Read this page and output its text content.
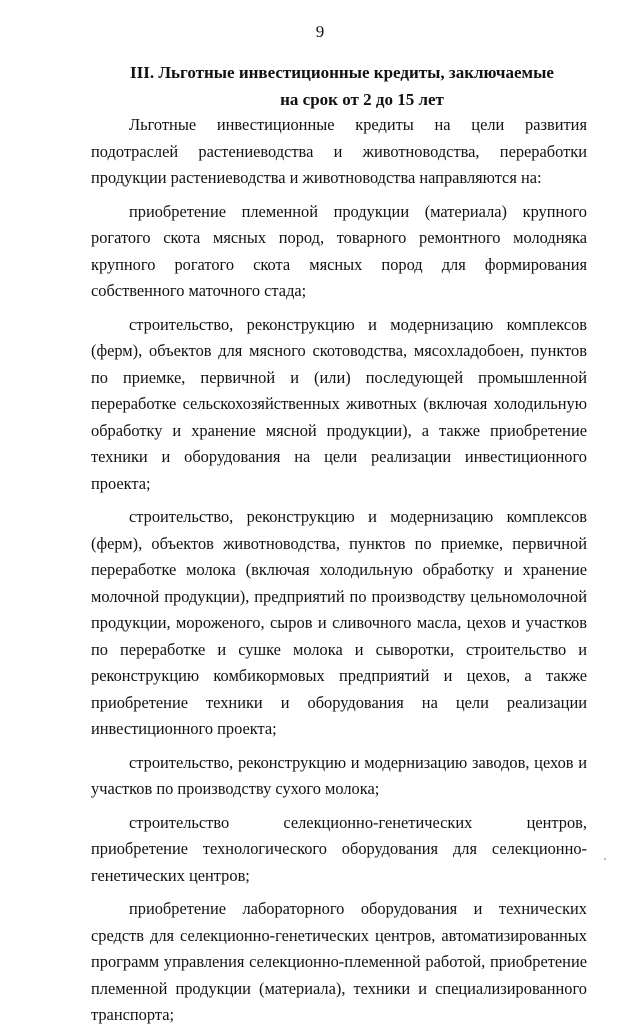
9
III. Льготные инвестиционные кредиты, заключаемые
на срок от 2 до 15 лет

Льготные инвестиционные кредиты на цели развития подотраслей растениеводства и животноводства, переработки продукции растениеводства и животноводства направляются на:

приобретение племенной продукции (материала) крупного рогатого скота мясных пород, товарного ремонтного молодняка крупного рогатого скота мясных пород для формирования собственного маточного стада;

строительство, реконструкцию и модернизацию комплексов (ферм), объектов для мясного скотоводства, мясохладобоен, пунктов по приемке, первичной и (или) последующей промышленной переработке сельскохозяйственных животных (включая холодильную обработку и хранение мясной продукции), а также приобретение техники и оборудования на цели реализации инвестиционного проекта;

строительство, реконструкцию и модернизацию комплексов (ферм), объектов животноводства, пунктов по приемке, первичной переработке молока (включая холодильную обработку и хранение молочной продукции), предприятий по производству цельномолочной продукции, мороженого, сыров и сливочного масла, цехов и участков по переработке и сушке молока и сыворотки, строительство и реконструкцию комбикормовых предприятий и цехов, а также приобретение техники и оборудования на цели реализации инвестиционного проекта;

строительство, реконструкцию и модернизацию заводов, цехов и участков по производству сухого молока;

строительство селекционно-генетических центров, приобретение технологического оборудования для селекционно-генетических центров;

приобретение лабораторного оборудования и технических средств для селекционно-генетических центров, автоматизированных программ управления селекционно-племенной работой, приобретение племенной продукции (материала), техники и специализированного транспорта;
